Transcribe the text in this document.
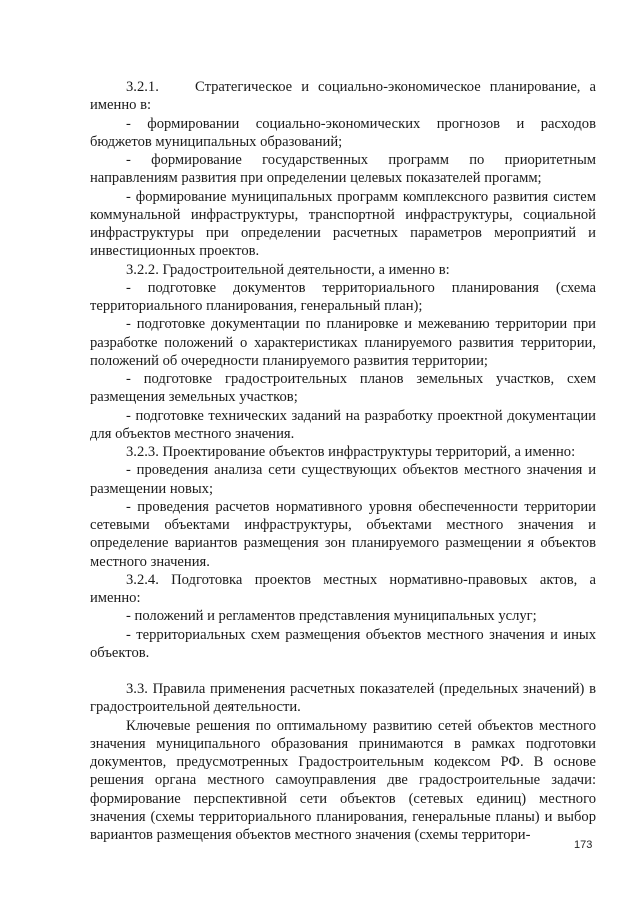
3.2.1.    Стратегическое и социально-экономическое планирование, а именно в:

- формировании социально-экономических прогнозов и расходов бюджетов муниципальных образований;

- формирование государственных программ по приоритетным направлениям развития при определении целевых показателей прогамм;

- формирование муниципальных программ комплексного развития систем коммунальной инфраструктуры, транспортной инфраструктуры, социальной инфраструктуры при определении расчетных параметров мероприятий и инвестиционных проектов.

3.2.2. Градостроительной деятельности, а именно в:

- подготовке документов территориального планирования (схема территориального планирования, генеральный план);

- подготовке документации по планировке и межеванию территории при разработке положений о характеристиках планируемого развития территории, положений об очередности планируемого развития территории;

- подготовке градостроительных планов земельных участков, схем размещения земельных участков;

- подготовке технических заданий на разработку проектной документации для объектов местного значения.

3.2.3. Проектирование объектов инфраструктуры территорий, а именно:

- проведения анализа сети существующих объектов местного значения и размещении новых;

- проведения расчетов нормативного уровня обеспеченности территории сетевыми объектами инфраструктуры, объектами местного значения и определение вариантов размещения зон планируемого размещении я объектов местного значения.

3.2.4. Подготовка проектов местных нормативно-правовых актов, а именно:

- положений и регламентов представления муниципальных услуг;

- территориальных схем размещения объектов местного значения и иных объектов.

3.3. Правила применения расчетных показателей (предельных значений) в градостроительной деятельности.

Ключевые решения по оптимальному развитию сетей объектов местного значения муниципального образования принимаются в рамках подготовки документов, предусмотренных Градостроительным кодексом РФ. В основе решения органа местного самоуправления две градостроительные задачи: формирование перспективной сети объектов (сетевых единиц) местного значения (схемы территориального планирования, генеральные планы) и выбор вариантов размещения объектов местного значения (схемы территори-

173
